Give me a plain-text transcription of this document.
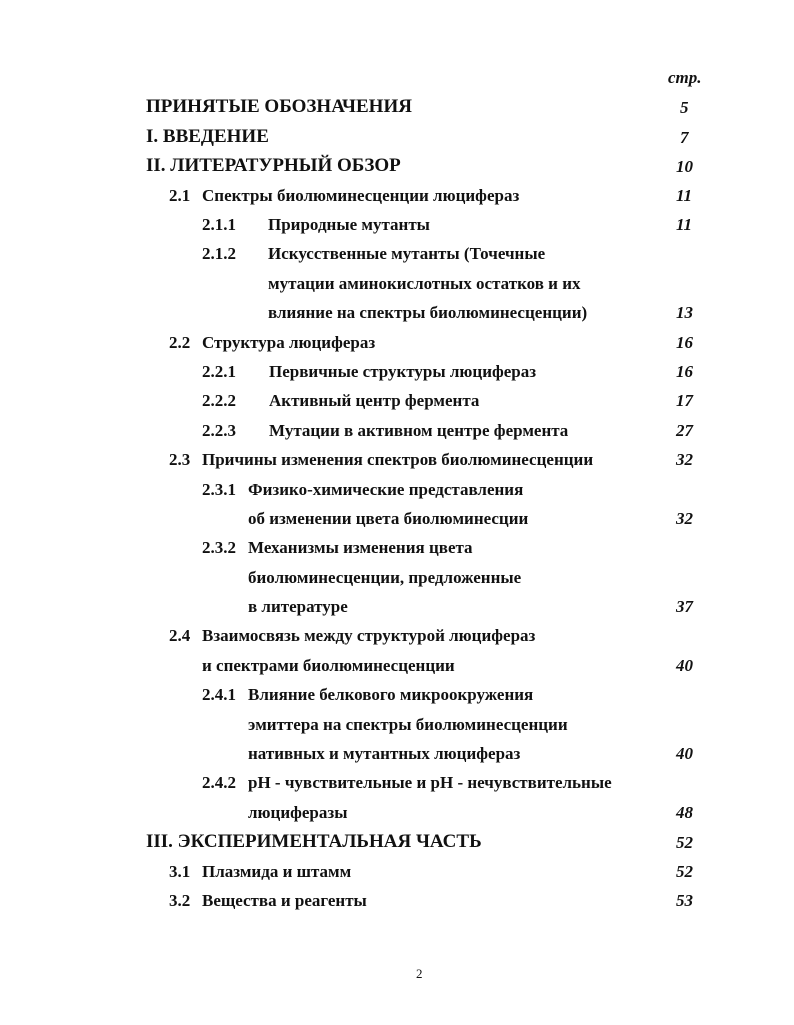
стр.
ПРИНЯТЫЕ ОБОЗНАЧЕНИЯ	5
I. ВВЕДЕНИЕ	7
II. ЛИТЕРАТУРНЫЙ ОБЗОР	10
2.1 Спектры биолюминесценции люцифераз	11
2.1.1 Природные мутанты	11
2.1.2 Искусственные мутанты (Точечные
мутации аминокислотных остатков и их
влияние на спектры биолюминесценции)	13
2.2 Структура люцифераз	16
2.2.1 Первичные структуры люцифераз	16
2.2.2 Активный центр фермента	17
2.2.3 Мутации в активном центре фермента	27
2.3 Причины изменения спектров биолюминесценции	32
2.3.1 Физико-химические представления
об изменении цвета биолюминесции	32
2.3.2 Механизмы изменения цвета
биолюминесценции, предложенные
в литературе	37
2.4 Взаимосвязь между структурой люцифераз
и спектрами биолюминесценции	40
2.4.1 Влияние белкового микроокружения
эмиттера на спектры биолюминесценции
нативных и мутантных люцифераз	40
2.4.2 pH - чувствительные и pH - нечувствительные
люциферазы	48
III. ЭКСПЕРИМЕНТАЛЬНАЯ ЧАСТЬ	52
3.1 Плазмида и штамм	52
3.2 Вещества и реагенты	53
2
